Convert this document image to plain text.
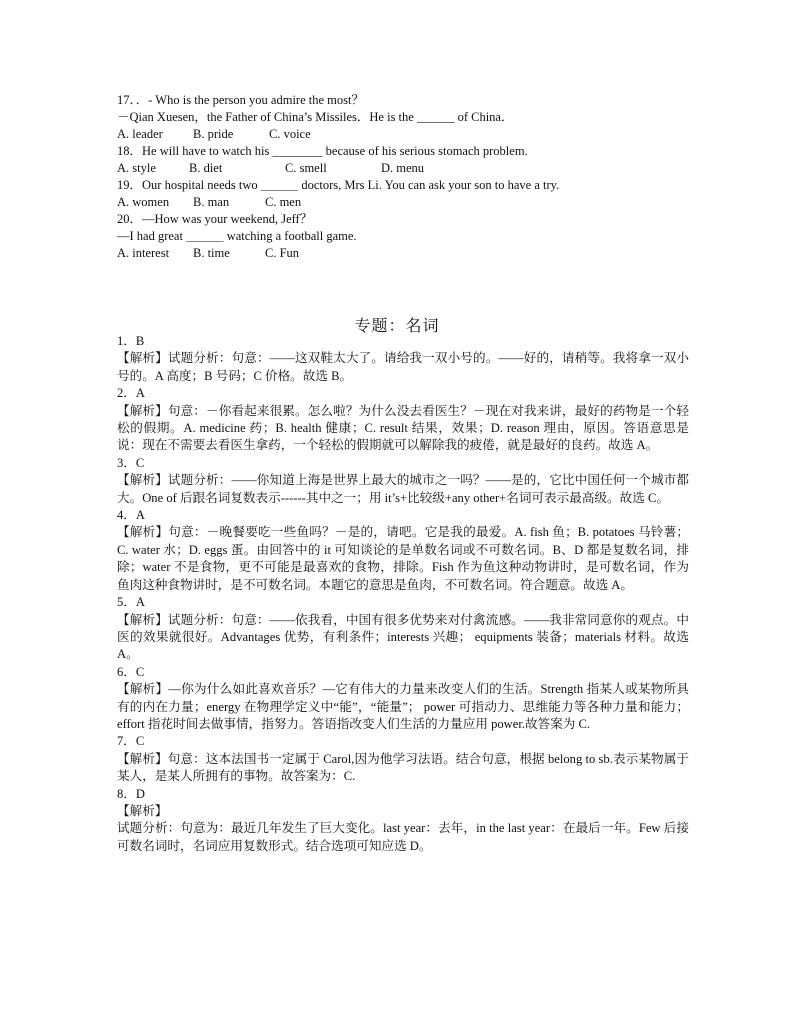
17．．- Who is the person you admire the most？
－Qian Xuesen，the Father of China’s Missiles．He is the ______ of China．
A. leader B. pride	C. voice
18．He will have to watch his ________ because of his serious stomach problem.
A. style	B. diet	C. smell	D. menu
19．Our hospital needs two ＿＿＿ doctors, Mrs Li. You can ask your son to have a try.
A. women B. man	C. men
20．—How was your weekend, Jeff？
—I had great ＿＿＿ watching a football game.
A. interest B. time	C. Fun
专题：名词
1．B
【解析】试题分析：句意：——这双鞋太大了。请给我一双小号的。——好的，请稍等。我将拿一双小号的。A 高度；B 号码；C 价格。故选 B。
2．A
【解析】句意：－你看起来很累。怎么啦？为什么没去看医生？－现在对我来讲，最好的药物是一个轻松的假期。A. medicine 药；B. health 健康；C. result 结果，效果；D. reason 理由，原因。答语意思是说：现在不需要去看医生拿药，一个轻松的假期就可以解除我的疲倦，就是最好的良药。故选 A。
3．C
【解析】试题分析：——你知道上海是世界上最大的城市之一吗？——是的，它比中国任何一个城市都大。One of 后跟名词复数表示------其中之一；用 it’s+比较级+any other+名词可表示最高级。故选 C。
4．A
【解析】句意：－晚餐要吃一些鱼吗？－是的，请吧。它是我的最爱。A. fish 鱼；B. potatoes 马铃薯；C. water 水；D. eggs 蛋。由回答中的 it 可知谈论的是单数名词或不可数名词。B、D 都是复数名词，排除；water 不是食物，更不可能是最喜欢的食物，排除。Fish 作为鱼这种动物讲时，是可数名词，作为鱼肉这种食物讲时，是不可数名词。本题它的意思是鱼肉，不可数名词。符合题意。故选 A。
5．A
【解析】试题分析：句意：——依我看，中国有很多优势来对付禽流感。——我非常同意你的观点。中医的效果就很好。Advantages 优势，有利条件；interests 兴趣； equipments 装备；materials 材料。故选 A。
6．C
【解析】—你为什么如此喜欢音乐？—它有伟大的力量来改变人们的生活。Strength 指某人或某物所具有的内在力量；energy 在物理学定义中“能”，“能量”； power 可指动力、思维能力等各种力量和能力； effort 指花时间去做事情，指努力。答语指改变人们生活的力量应用 power.故答案为 C.
7．C
【解析】句意：这本法国书一定属于 Carol,因为他学习法语。结合句意，根据 belong to sb.表示某物属于某人，是某人所拥有的事物。故答案为：C.
8．D
【解析】
试题分析：句意为：最近几年发生了巨大变化。last year：去年，in the last year：在最后一年。Few 后接可数名词时，名词应用复数形式。结合选项可知应选 D。
